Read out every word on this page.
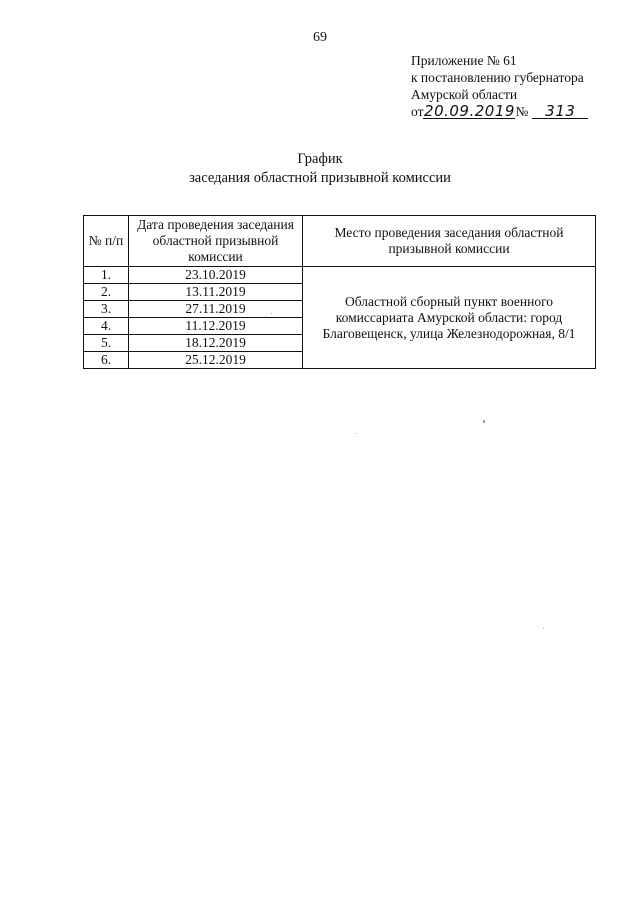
69
Приложение № 61
к постановлению губернатора
Амурской области
от20.09.2019№ 313
График
заседания областной призывной комиссии
№ п/п	Дата проведения заседания областной призывной комиссии	Место проведения заседания областной призывной комиссии
1.	23.10.2019	Областной сборный пункт военного комиссариата Амурской области: город Благовещенск, улица Железнодорожная, 8/1
2.	13.11.2019	
3.	27.11.2019	
4.	11.12.2019	
5.	18.12.2019	
6.	25.12.2019	
